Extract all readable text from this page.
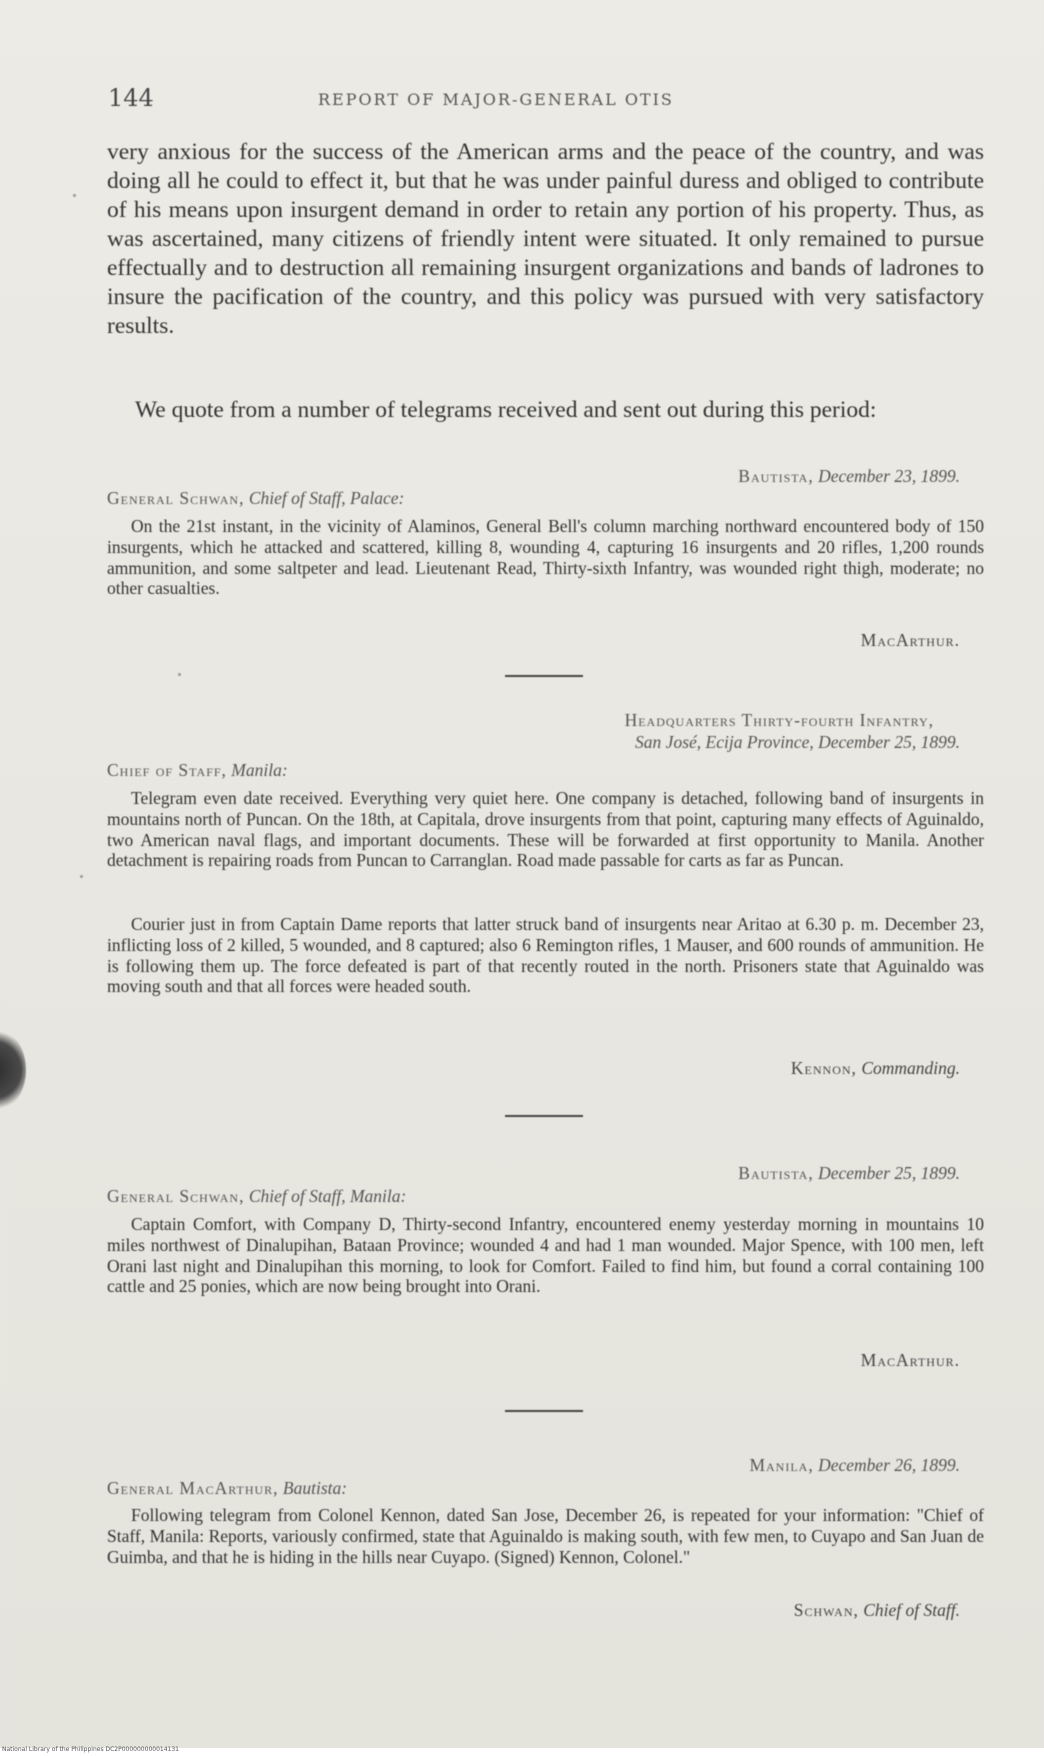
144	REPORT OF MAJOR-GENERAL OTIS

very anxious for the success of the American arms and the peace of the country, and was doing all he could to effect it, but that he was under painful duress and obliged to contribute of his means upon insurgent demand in order to retain any portion of his property. Thus, as was ascertained, many citizens of friendly intent were situated. It only remained to pursue effectually and to destruction all remaining insurgent organizations and bands of ladrones to insure the pacification of the country, and this policy was pursued with very satisfactory results.

We quote from a number of telegrams received and sent out during this period:

Bautista, December 23, 1899.
General Schwan, Chief of Staff, Palace:

On the 21st instant, in the vicinity of Alaminos, General Bell's column marching northward encountered body of 150 insurgents, which he attacked and scattered, killing 8, wounding 4, capturing 16 insurgents and 20 rifles, 1,200 rounds ammunition, and some saltpeter and lead. Lieutenant Read, Thirty-sixth Infantry, was wounded right thigh, moderate; no other casualties.

MacArthur.
Headquarters Thirty-fourth Infantry,
San José, Ecija Province, December 25, 1899.
Chief of Staff, Manila:

Telegram even date received. Everything very quiet here. One company is detached, following band of insurgents in mountains north of Puncan. On the 18th, at Capitala, drove insurgents from that point, capturing many effects of Aguinaldo, two American naval flags, and important documents. These will be forwarded at first opportunity to Manila. Another detachment is repairing roads from Puncan to Carranglan. Road made passable for carts as far as Puncan.

Courier just in from Captain Dame reports that latter struck band of insurgents near Aritao at 6.30 p. m. December 23, inflicting loss of 2 killed, 5 wounded, and 8 captured; also 6 Remington rifles, 1 Mauser, and 600 rounds of ammunition. He is following them up. The force defeated is part of that recently routed in the north. Prisoners state that Aguinaldo was moving south and that all forces were headed south.

Kennon, Commanding.
Bautista, December 25, 1899.
General Schwan, Chief of Staff, Manila:

Captain Comfort, with Company D, Thirty-second Infantry, encountered enemy yesterday morning in mountains 10 miles northwest of Dinalupihan, Bataan Province; wounded 4 and had 1 man wounded. Major Spence, with 100 men, left Orani last night and Dinalupihan this morning, to look for Comfort. Failed to find him, but found a corral containing 100 cattle and 25 ponies, which are now being brought into Orani.

MacArthur.
Manila, December 26, 1899.
General MacArthur, Bautista:

Following telegram from Colonel Kennon, dated San Jose, December 26, is repeated for your information: "Chief of Staff, Manila: Reports, variously confirmed, state that Aguinaldo is making south, with few men, to Cuyapo and San Juan de Guimba, and that he is hiding in the hills near Cuyapo. (Signed) Kennon, Colonel."

Schwan, Chief of Staff.
National Library of the Philippines DC2P000000000014131
